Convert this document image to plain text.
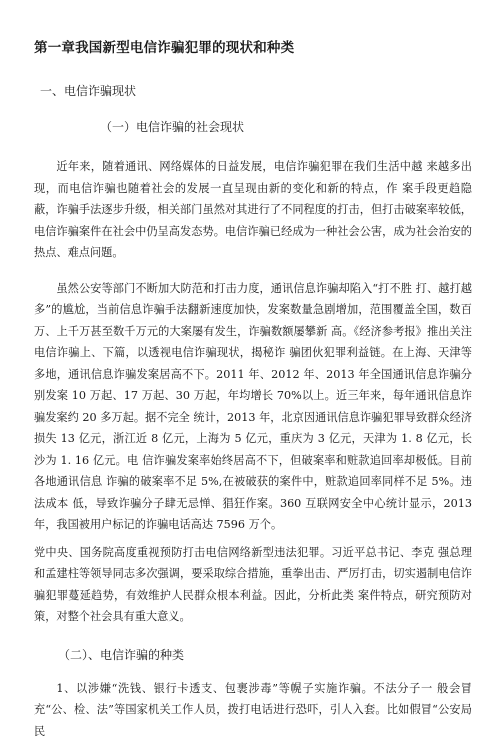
第一章我国新型电信诈骗犯罪的现状和种类
一、电信诈骗现状
（一）电信诈骗的社会现状

近年来，随着通讯、网络媒体的日益发展，电信诈骗犯罪在我们生活中越 来越多出现，而电信诈骗也随着社会的发展一直呈现由新的变化和新的特点，作 案手段更趋隐蔽，诈骗手法逐步升级，相关部门虽然对其进行了不同程度的打击，但打击破案率较低，电信诈骗案件在社会中仍呈高发态势。电信诈骗已经成为一种社会公害，成为社会治安的热点、难点问题。

虽然公安等部门不断加大防范和打击力度，通讯信息诈骗却陷入“打不胜 打、越打越多”的尴尬，当前信息诈骗手法翻新速度加快，发案数量急剧增加，范围覆盖全国，数百万、上千万甚至数千万元的大案屡有发生，诈骗数额屡攀新 高。《经济参考报》推出关注电信诈骗上、下篇，以透视电信诈骗现状，揭秘诈 骗团伙犯罪利益链。在上海、天津等多地，通讯信息诈骗发案居高不下。2011 年、2012 年、2013 年全国通讯信息诈骗分别发案 10 万起、17 万起、30 万起，年均增长 70%以上。近三年来，每年通讯信息诈骗发案约 20 多万起。据不完全 统计，2013 年，北京因通讯信息诈骗犯罪导致群众经济损失 13 亿元，浙江近 8 亿元，上海为 5 亿元，重庆为 3 亿元，天津为 1. 8 亿元，长沙为 1. 16 亿元。电 信诈骗发案率始终居高不下，但破案率和赃款追回率却极低。目前各地通讯信息 诈骗的破案率不足 5%,在被破获的案件中，赃款追回率同样不足 5%。违法成本 低，导致诈骗分子肆无忌惮、猖狂作案。360 互联网安全中心统计显示，2013 年，我国被用户标记的诈骗电话高达 7596 万个。

党中央、国务院高度重视预防打击电信网络新型违法犯罪。习近平总书记、李克 强总理和孟建柱等领导同志多次强调，要采取综合措施，重拳出击、严厉打击，切实遏制电信诈骗犯罪蔓延趋势，有效维护人民群众根本利益。因此，分析此类 案件特点，研究预防对策，对整个社会具有重大意义。

（二）、电信诈骗的种类

1、以涉嫌“洗钱、银行卡透支、包裹涉毒”等幌子实施诈骗。不法分子一 般会冒充“公、检、法”等国家机关工作人员，拨打电话进行恐吓，引人入套。比如假冒“公安局民
